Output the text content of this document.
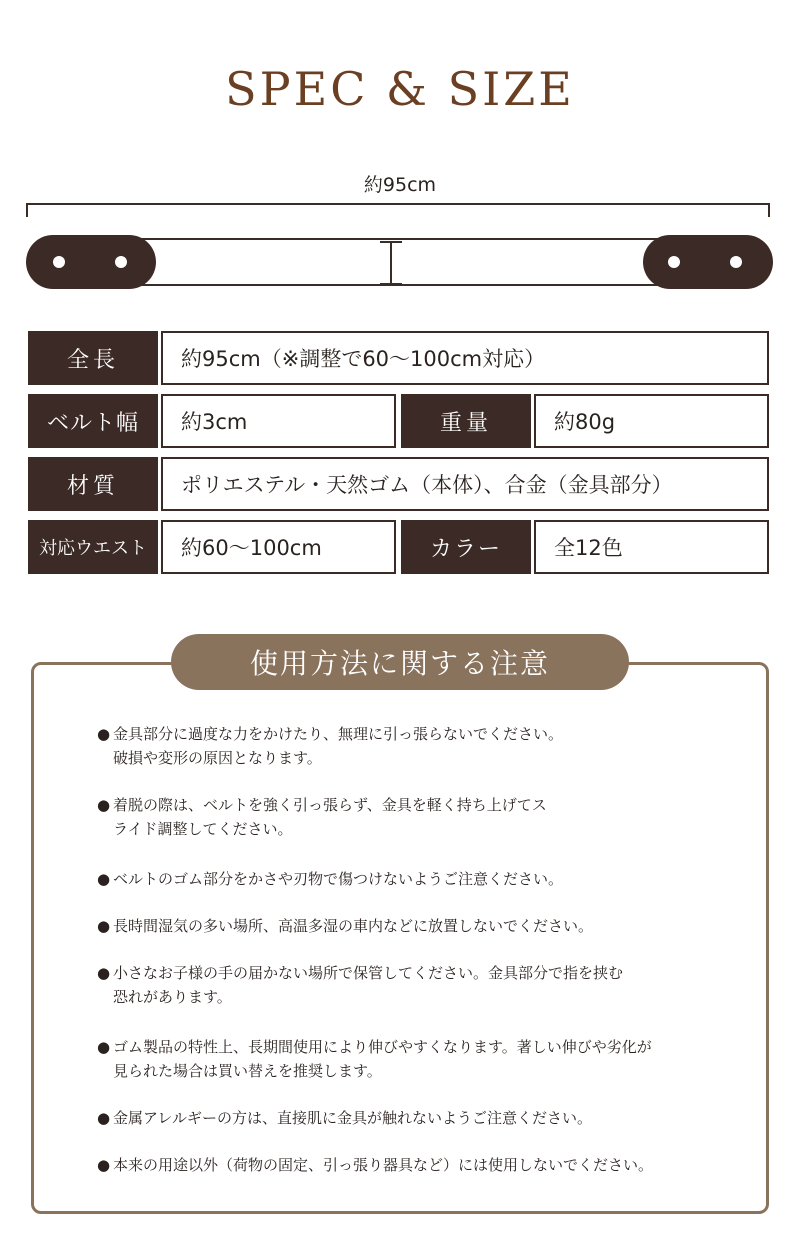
SPEC & SIZE
約95cm
全長	約95cm（※調整で60〜100cm対応）
ベルト幅	約3cm	重量	約80g
材質	ポリエステル・天然ゴム（本体）、合金（金具部分）
対応ウエスト	約60〜100cm	カラー	全12色
使用方法に関する注意
● 金具部分に過度な力をかけたり、無理に引っ張らないでください。
破損や変形の原因となります。
● 着脱の際は、ベルトを強く引っ張らず、金具を軽く持ち上げてス
ライド調整してください。
● ベルトのゴム部分をかさや刃物で傷つけないようご注意ください。
● 長時間湿気の多い場所、高温多湿の車内などに放置しないでください。
● 小さなお子様の手の届かない場所で保管してください。金具部分で指を挟む
恐れがあります。
● ゴム製品の特性上、長期間使用により伸びやすくなります。著しい伸びや劣化が
見られた場合は買い替えを推奨します。
● 金属アレルギーの方は、直接肌に金具が触れないようご注意ください。
● 本来の用途以外（荷物の固定、引っ張り器具など）には使用しないでください。
